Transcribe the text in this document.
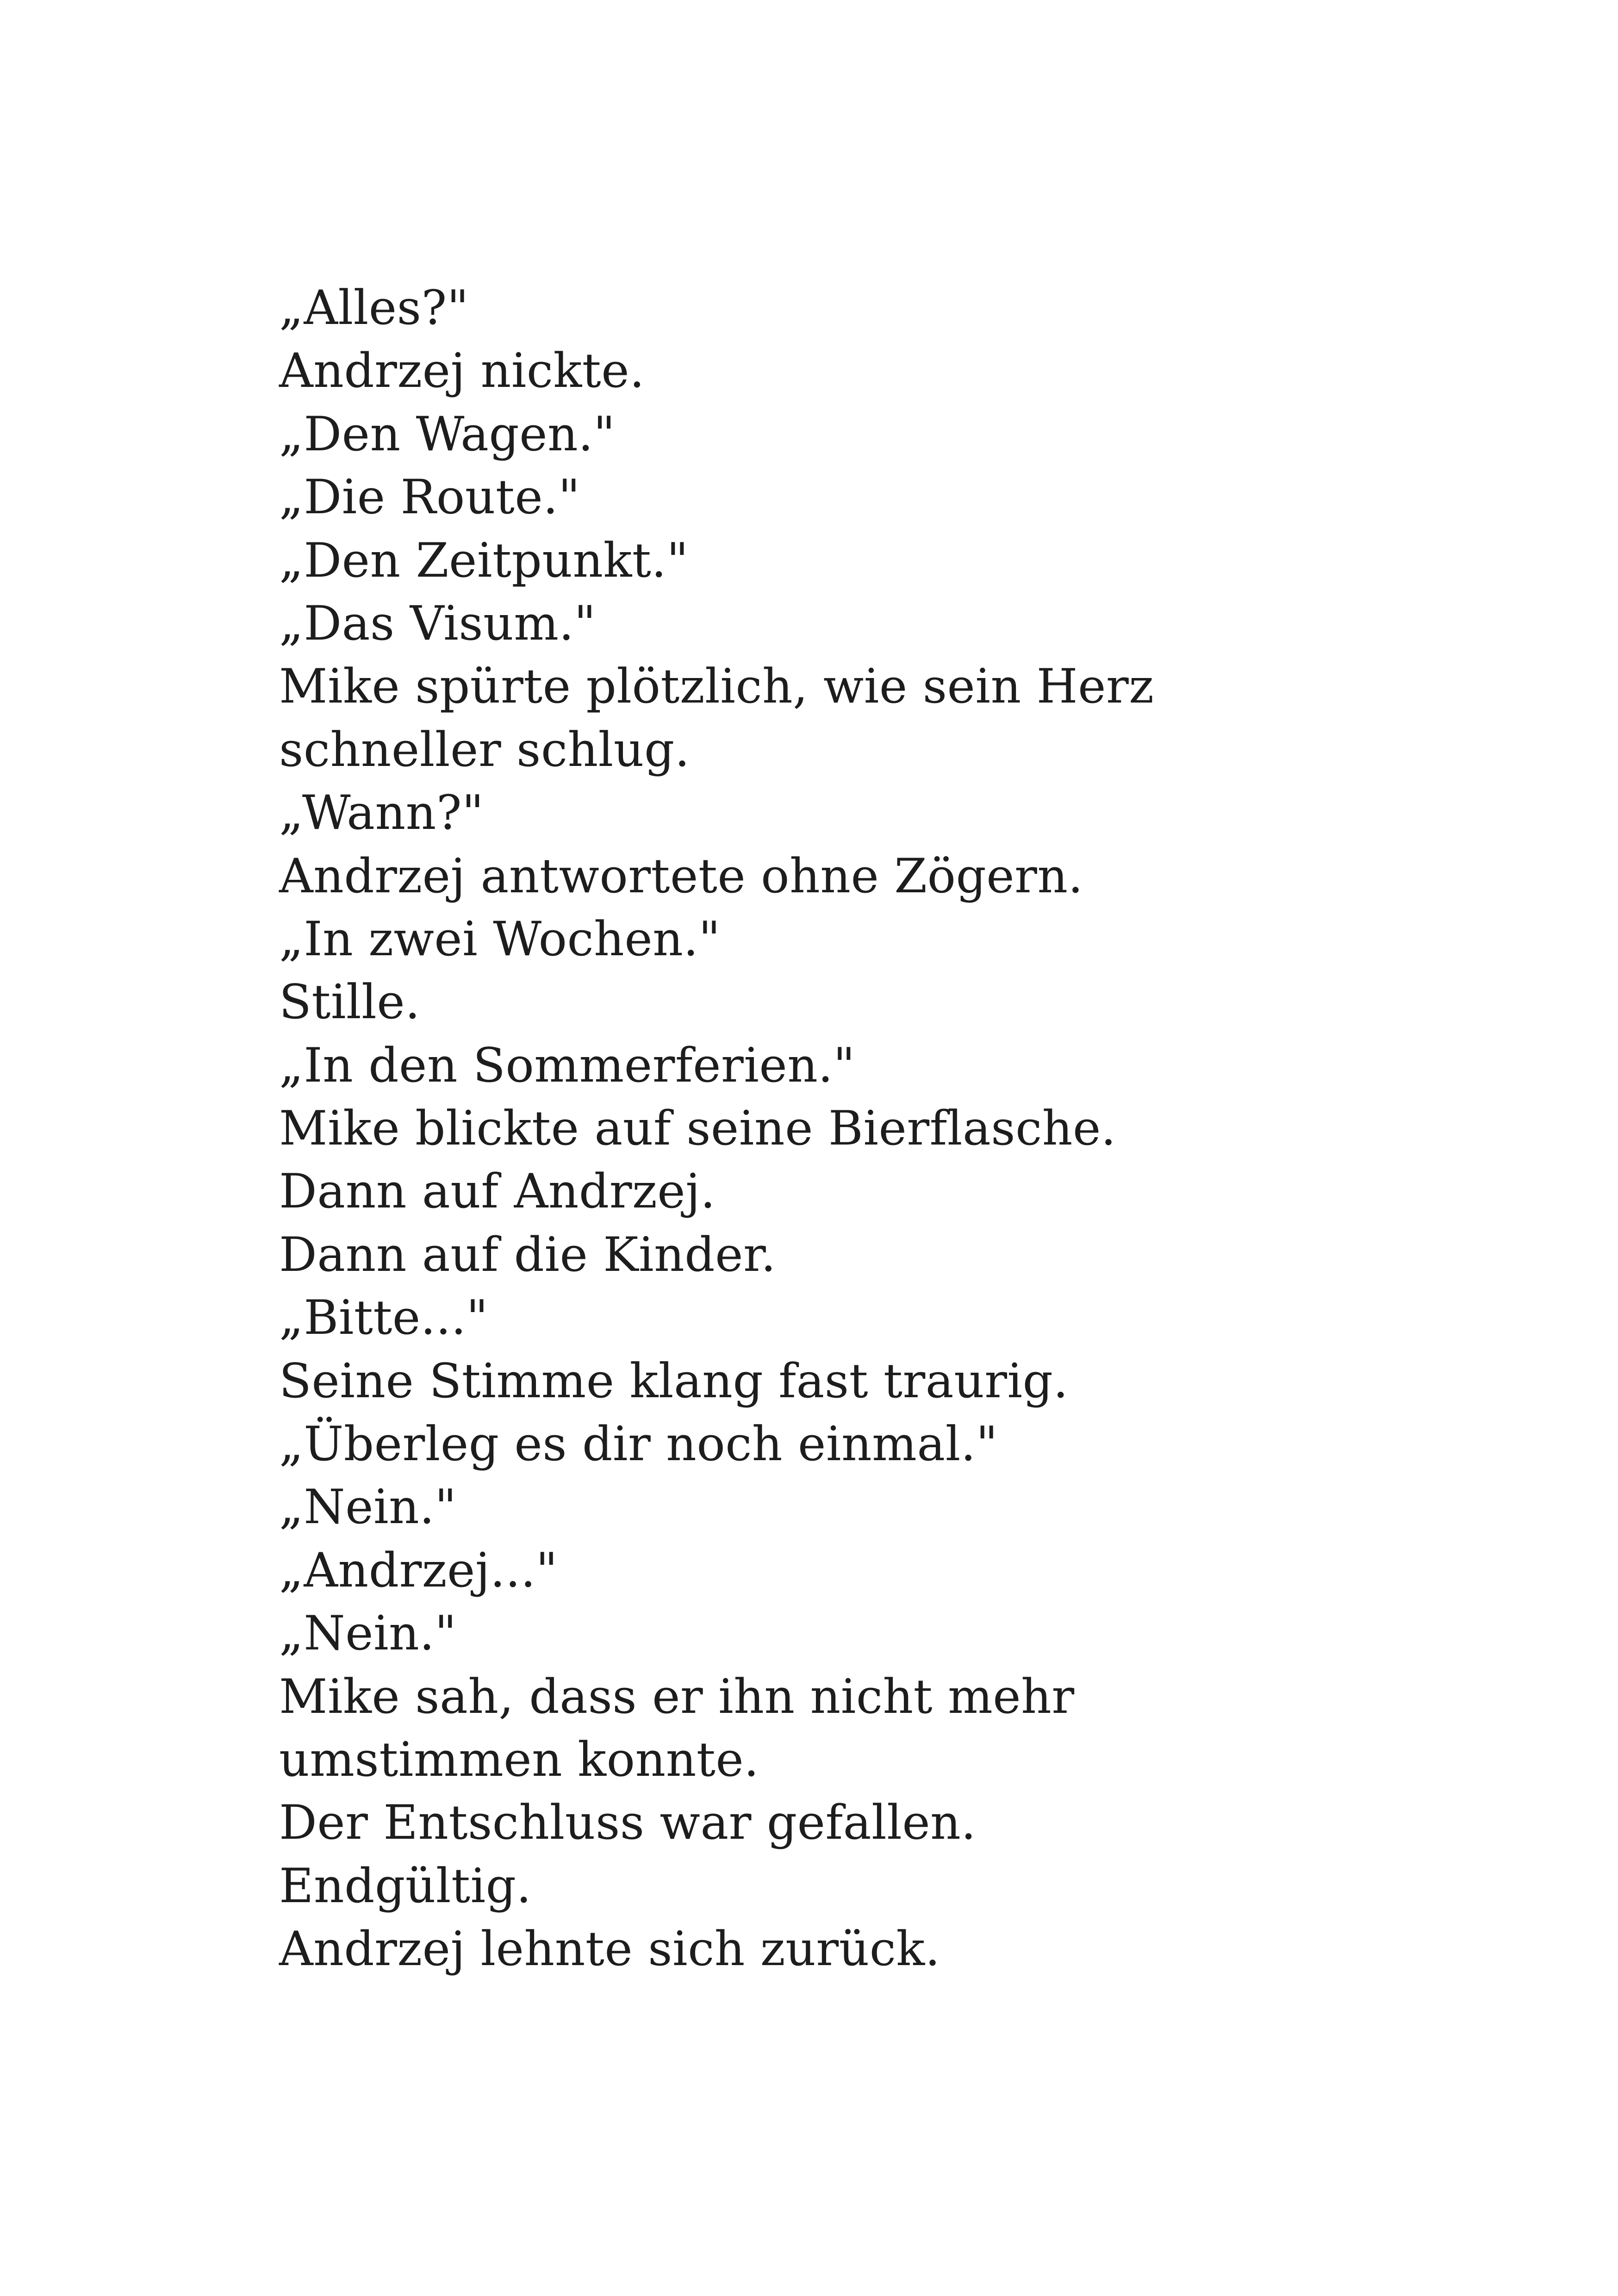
„Alles?"
Andrzej nickte.
„Den Wagen."
„Die Route."
„Den Zeitpunkt."
„Das Visum."
Mike spürte plötzlich, wie sein Herz
schneller schlug.
„Wann?"
Andrzej antwortete ohne Zögern.
„In zwei Wochen."
Stille.
„In den Sommerferien."
Mike blickte auf seine Bierflasche.
Dann auf Andrzej.
Dann auf die Kinder.
„Bitte..."
Seine Stimme klang fast traurig.
„Überleg es dir noch einmal."
„Nein."
„Andrzej..."
„Nein."
Mike sah, dass er ihn nicht mehr
umstimmen konnte.
Der Entschluss war gefallen.
Endgültig.
Andrzej lehnte sich zurück.
